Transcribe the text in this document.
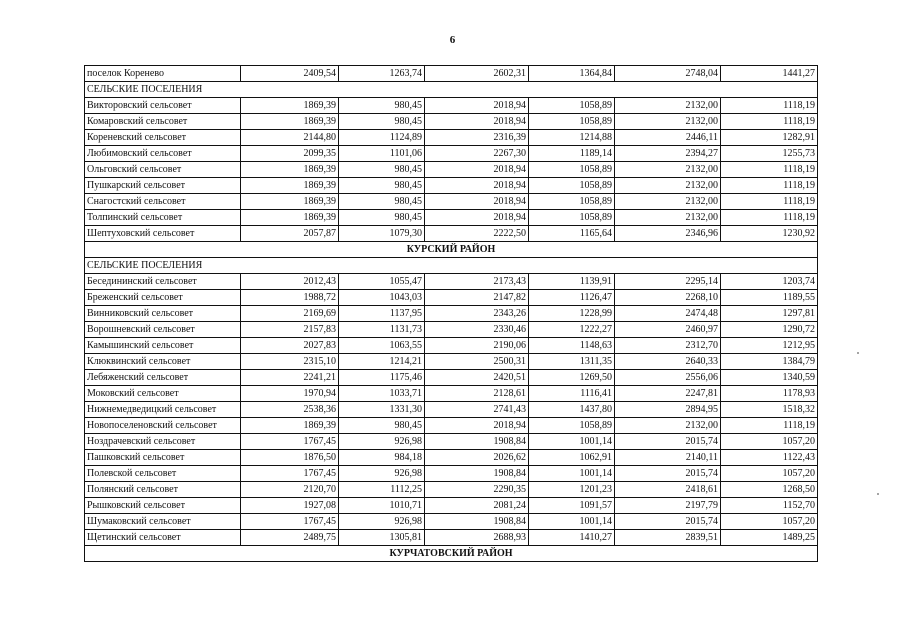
6
поселок Коренево	2409,54	1263,74	2602,31	1364,84	2748,04	1441,27
СЕЛЬСКИЕ ПОСЕЛЕНИЯ						
Викторовский сельсовет	1869,39	980,45	2018,94	1058,89	2132,00	1118,19
Комаровский сельсовет	1869,39	980,45	2018,94	1058,89	2132,00	1118,19
Кореневский сельсовет	2144,80	1124,89	2316,39	1214,88	2446,11	1282,91
Любимовский сельсовет	2099,35	1101,06	2267,30	1189,14	2394,27	1255,73
Ольговский сельсовет	1869,39	980,45	2018,94	1058,89	2132,00	1118,19
Пушкарский сельсовет	1869,39	980,45	2018,94	1058,89	2132,00	1118,19
Снагостский сельсовет	1869,39	980,45	2018,94	1058,89	2132,00	1118,19
Толпинский сельсовет	1869,39	980,45	2018,94	1058,89	2132,00	1118,19
Шептуховский сельсовет	2057,87	1079,30	2222,50	1165,64	2346,96	1230,92
КУРСКИЙ РАЙОН						
СЕЛЬСКИЕ ПОСЕЛЕНИЯ						
Беседининский сельсовет	2012,43	1055,47	2173,43	1139,91	2295,14	1203,74
Бреженский сельсовет	1988,72	1043,03	2147,82	1126,47	2268,10	1189,55
Винниковский сельсовет	2169,69	1137,95	2343,26	1228,99	2474,48	1297,81
Ворошневский сельсовет	2157,83	1131,73	2330,46	1222,27	2460,97	1290,72
Камышинский сельсовет	2027,83	1063,55	2190,06	1148,63	2312,70	1212,95
Клюквинский сельсовет	2315,10	1214,21	2500,31	1311,35	2640,33	1384,79
Лебяженский сельсовет	2241,21	1175,46	2420,51	1269,50	2556,06	1340,59
Моковский сельсовет	1970,94	1033,71	2128,61	1116,41	2247,81	1178,93
Нижнемедведицкий сельсовет	2538,36	1331,30	2741,43	1437,80	2894,95	1518,32
Новопоселеновский сельсовет	1869,39	980,45	2018,94	1058,89	2132,00	1118,19
Ноздрачевский сельсовет	1767,45	926,98	1908,84	1001,14	2015,74	1057,20
Пашковский сельсовет	1876,50	984,18	2026,62	1062,91	2140,11	1122,43
Полевской сельсовет	1767,45	926,98	1908,84	1001,14	2015,74	1057,20
Полянский сельсовет	2120,70	1112,25	2290,35	1201,23	2418,61	1268,50
Рышковский сельсовет	1927,08	1010,71	2081,24	1091,57	2197,79	1152,70
Шумаковский сельсовет	1767,45	926,98	1908,84	1001,14	2015,74	1057,20
Щетинский сельсовет	2489,75	1305,81	2688,93	1410,27	2839,51	1489,25
КУРЧАТОВСКИЙ РАЙОН						
